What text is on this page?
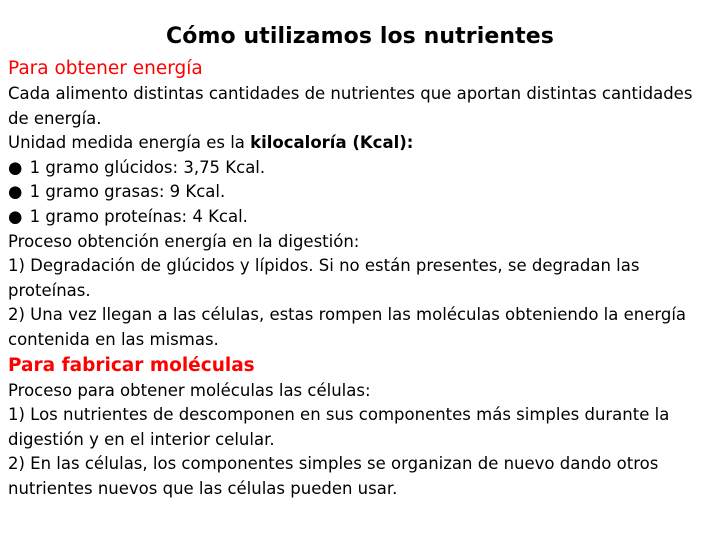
Cómo utilizamos los nutrientes

Para obtener energía

Cada alimento distintas cantidades de nutrientes que aportan distintas cantidades de energía.

Unidad medida energía es la kilocaloría (Kcal):

● 1 gramo glúcidos: 3,75 Kcal.

● 1 gramo grasas: 9 Kcal.

● 1 gramo proteínas: 4 Kcal.

Proceso obtención energía en la digestión:

1) Degradación de glúcidos y lípidos. Si no están presentes, se degradan las proteínas.

2) Una vez llegan a las células, estas rompen las moléculas obteniendo la energía contenida en las mismas.

Para fabricar moléculas

Proceso para obtener moléculas las células:

1) Los nutrientes de descomponen en sus componentes más simples durante la digestión y en el interior celular.

2) En las células, los componentes simples se organizan de nuevo dando otros nutrientes nuevos que las células pueden usar.
